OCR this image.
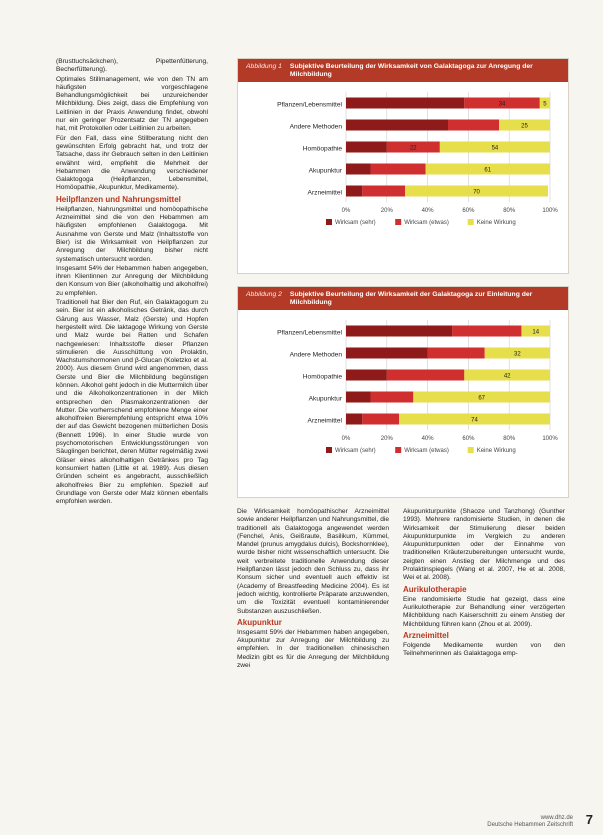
(Brusttuchsäckchen), Pipettenfütterung, Becherfütterung).

Optimales Stillmanagement, wie von den TN am häufigsten vorgeschlagene Behandlungsmöglichkeit bei unzureichender Milchbildung. Dies zeigt, dass die Empfehlung von Leitlinien in der Praxis Anwendung findet, obwohl nur ein geringer Prozentsatz der TN angegeben hat, mit Protokollen oder Leitlinien zu arbeiten.

Für den Fall, dass eine Stillberatung nicht den gewünschten Erfolg gebracht hat, und trotz der Tatsache, dass ihr Gebrauch selten in den Leitlinien erwähnt wird, empfiehlt die Mehrheit der Hebammen die Anwendung verschiedener Galaktogoga (Heilpflanzen, Lebensmittel, Homöopathie, Akupunktur, Medikamente).

Heilpflanzen und Nahrungsmittel

Heilpflanzen, Nahrungsmittel und homöopathische Arzneimittel sind die von den Hebammen am häufigsten empfohlenen Galaktogoga. Mit Ausnahme von Gerste und Malz (Inhaltsstoffe von Bier) ist die Wirksamkeit von Heilpflanzen zur Anregung der Milchbildung bisher nicht systematisch untersucht worden.

Insgesamt 54% der Hebammen haben angegeben, ihren Klientinnen zur Anregung der Milchbildung den Konsum von Bier (alkoholhaltig und alkoholfrei) zu empfehlen.

Traditionell hat Bier den Ruf, ein Galaktagogum zu sein. Bier ist ein alkoholisches Getränk, das durch Gärung aus Wasser, Malz (Gerste) und Hopfen hergestellt wird. Die laktagoge Wirkung von Gerste und Malz wurde bei Ratten und Schafen nachgewiesen: Inhaltsstoffe dieser Pflanzen stimulieren die Ausschüttung von Prolaktin, Wachstumshormonen und β-Glucan (Koletzko et al. 2000). Aus diesem Grund wird angenommen, dass Gerste und Bier die Milchbildung begünstigen können. Alkohol geht jedoch in die Muttermilch über und die Alkoholkonzentrationen in der Milch entsprechen den Plasmakonzentrationen der Mutter. Die vorherrschend empfohlene Menge einer alkoholfreien Bierempfehlung entspricht etwa 10% der auf das Gewicht bezogenen mütterlichen Dosis (Bennett 1996). In einer Studie wurde von psychomotorischen Entwicklungsstörungen von Säuglingen berichtet, deren Mütter regelmäßig zwei Gläser eines alkoholhaltigen Getränkes pro Tag konsumiert hatten (Little et al. 1989). Aus diesen Gründen scheint es angebracht, ausschließlich alkoholfreies Bier zu empfehlen. Speziell auf Grundlage von Gerste oder Malz können ebenfalls empfohlen werden.

Abbildung 1 Subjektive Beurteilung der Wirksamkeit von Galaktagoga zur Anregung der Milchbildung
0%	20%	40%	60%	80%	100%
Pflanzen/Lebensmittel	34	5
Andere Methoden	25
Homöopathie	22	54
Akupunktur	61
Arzneimittel	70
Wirksam (sehr)	Wirksam (etwas)	Keine Wirkung
Abbildung 2 Subjektive Beurteilung der Wirksamkeit der Galaktagoga zur Einleitung der Milchbildung
0%	20%	40%	60%	80%	100%
Pflanzen/Lebensmittel	14
Andere Methoden	32
Homöopathie	42
Akupunktur	67
Arzneimittel	74
Wirksam (sehr)	Wirksam (etwas)	Keine Wirkung

Die Wirksamkeit homöopathischer Arzneimittel sowie anderer Heilpflanzen und Nahrungsmittel, die traditionell als Galaktogoga angewendet werden (Fenchel, Anis, Geißraute, Basilikum, Kümmel, Mandel (prunus amygdalus dulcis), Bockshornklee), wurde bisher nicht wissenschaftlich untersucht. Die weit verbreitete traditionelle Anwendung dieser Heilpflanzen lässt jedoch den Schluss zu, dass ihr Konsum sicher und eventuell auch effektiv ist (Academy of Breastfeeding Medicine 2004). Es ist jedoch wichtig, kontrollierte Präparate anzuwenden, um die Toxizität eventuell kontaminierender Substanzen auszuschließen.

Akupunktur

Insgesamt 59% der Hebammen haben angegeben, Akupunktur zur Anregung der Milchbildung zu empfehlen. In der traditionellen chinesischen Medizin gibt es für die Anregung der Milchbildung zwei

Akupunkturpunkte (Shaoze und Tanzhong) (Gunther 1993). Mehrere randomisierte Studien, in denen die Wirksamkeit der Stimulierung dieser beiden Akupunkturpunkte im Vergleich zu anderen Akupunkturpunkten oder der Einnahme von traditionellen Kräuterzubereitungen untersucht wurde, zeigten einen Anstieg der Milchmenge und des Prolaktinspiegels (Wang et al. 2007, He et al. 2008, Wei et al. 2008).

Aurikulotherapie

Eine randomisierte Studie hat gezeigt, dass eine Aurikulotherapie zur Behandlung einer verzögerten Milchbildung nach Kaiserschnitt zu einem Anstieg der Milchbildung führen kann (Zhou et al. 2009).

Arzneimittel

Folgende Medikamente wurden von den Teilnehmerinnen als Galaktagoga emp-

www.dhz.de
Deutsche Hebammen Zeitschrift 7
